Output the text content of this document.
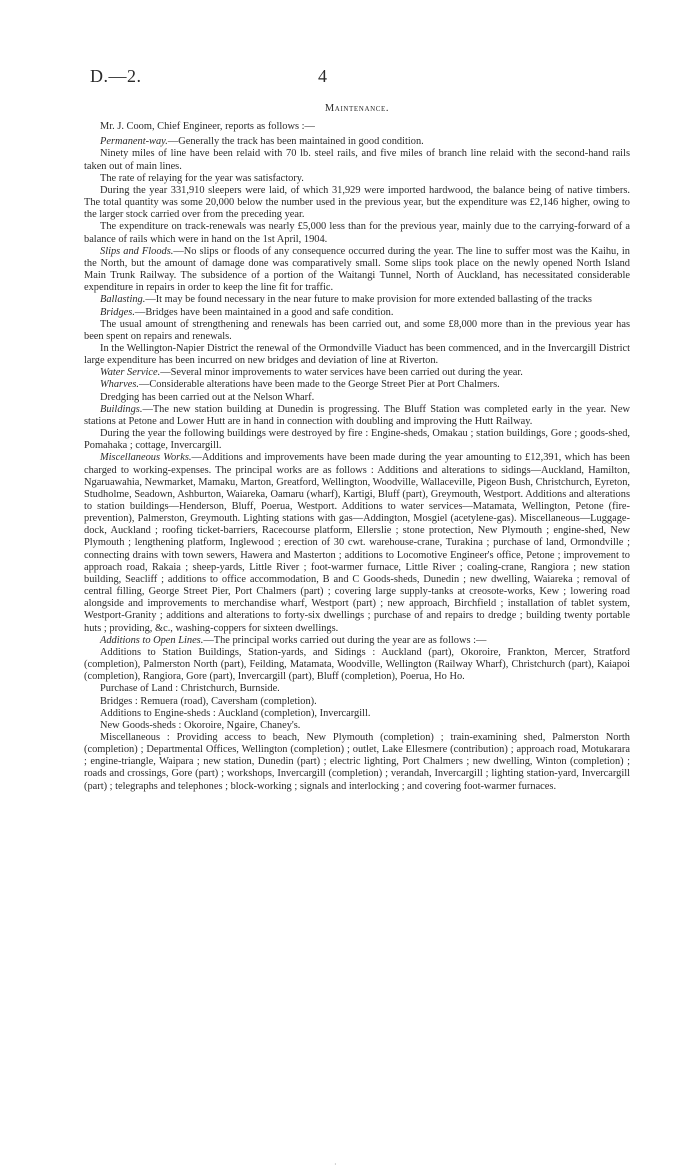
D.—2.	4
Maintenance.

Mr. J. Coom, Chief Engineer, reports as follows :—

Permanent-way.—Generally the track has been maintained in good condition.

Ninety miles of line have been relaid with 70 lb. steel rails, and five miles of branch line relaid with the second-hand rails taken out of main lines.

The rate of relaying for the year was satisfactory.

During the year 331,910 sleepers were laid, of which 31,929 were imported hardwood, the balance being of native timbers. The total quantity was some 20,000 below the number used in the previous year, but the expenditure was £2,146 higher, owing to the larger stock carried over from the preceding year.

The expenditure on track-renewals was nearly £5,000 less than for the previous year, mainly due to the carrying-forward of a balance of rails which were in hand on the 1st April, 1904.

Slips and Floods.—No slips or floods of any consequence occurred during the year. The line to suffer most was the Kaihu, in the North, but the amount of damage done was comparatively small. Some slips took place on the newly opened North Island Main Trunk Railway. The subsidence of a portion of the Waitangi Tunnel, North of Auckland, has necessitated considerable expenditure in repairs in order to keep the line fit for traffic.

Ballasting.—It may be found necessary in the near future to make provision for more extended ballasting of the tracks

Bridges.—Bridges have been maintained in a good and safe condition.

The usual amount of strengthening and renewals has been carried out, and some £8,000 more than in the previous year has been spent on repairs and renewals.

In the Wellington-Napier District the renewal of the Ormondville Viaduct has been commenced, and in the Invercargill District large expenditure has been incurred on new bridges and deviation of line at Riverton.

Water Service.—Several minor improvements to water services have been carried out during the year.

Wharves.—Considerable alterations have been made to the George Street Pier at Port Chalmers.

Dredging has been carried out at the Nelson Wharf.

Buildings.—The new station building at Dunedin is progressing. The Bluff Station was completed early in the year. New stations at Petone and Lower Hutt are in hand in connection with doubling and improving the Hutt Railway.

During the year the following buildings were destroyed by fire : Engine-sheds, Omakau ; station buildings, Gore ; goods-shed, Pomahaka ; cottage, Invercargill.

Miscellaneous Works.—Additions and improvements have been made during the year amounting to £12,391, which has been charged to working-expenses. The principal works are as follows : Additions and alterations to sidings—Auckland, Hamilton, Ngaruawahia, Newmarket, Mamaku, Marton, Greatford, Wellington, Woodville, Wallaceville, Pigeon Bush, Christchurch, Eyreton, Studholme, Seadown, Ashburton, Waiareka, Oamaru (wharf), Kartigi, Bluff (part), Greymouth, Westport. Additions and alterations to station buildings—Henderson, Bluff, Poerua, Westport. Additions to water services—Matamata, Wellington, Petone (fire-prevention), Palmerston, Greymouth. Lighting stations with gas—Addington, Mosgiel (acetylene-gas). Miscellaneous—Luggage-dock, Auckland ; roofing ticket-barriers, Racecourse platform, Ellerslie ; stone protection, New Plymouth ; engine-shed, New Plymouth ; lengthening platform, Inglewood ; erection of 30 cwt. warehouse-crane, Turakina ; purchase of land, Ormondville ; connecting drains with town sewers, Hawera and Masterton ; additions to Locomotive Engineer's office, Petone ; improvement to approach road, Rakaia ; sheep-yards, Little River ; foot-warmer furnace, Little River ; coaling-crane, Rangiora ; new station building, Seacliff ; additions to office accommodation, B and C Goods-sheds, Dunedin ; new dwelling, Waiareka ; removal of central filling, George Street Pier, Port Chalmers (part) ; covering large supply-tanks at creosote-works, Kew ; lowering road alongside and improvements to merchandise wharf, Westport (part) ; new approach, Birchfield ; installation of tablet system, Westport-Granity ; additions and alterations to forty-six dwellings ; purchase of and repairs to dredge ; building twenty portable huts ; providing, &c., washing-coppers for sixteen dwellings.

Additions to Open Lines.—The principal works carried out during the year are as follows :—

Additions to Station Buildings, Station-yards, and Sidings : Auckland (part), Okoroire, Frankton, Mercer, Stratford (completion), Palmerston North (part), Feilding, Matamata, Woodville, Wellington (Railway Wharf), Christchurch (part), Kaiapoi (completion), Rangiora, Gore (part), Invercargill (part), Bluff (completion), Poerua, Ho Ho.

Purchase of Land : Christchurch, Burnside.

Bridges : Remuera (road), Caversham (completion).

Additions to Engine-sheds : Auckland (completion), Invercargill.

New Goods-sheds : Okoroire, Ngaire, Chaney's.

Miscellaneous : Providing access to beach, New Plymouth (completion) ; train-examining shed, Palmerston North (completion) ; Departmental Offices, Wellington (completion) ; outlet, Lake Ellesmere (contribution) ; approach road, Motukarara ; engine-triangle, Waipara ; new station, Dunedin (part) ; electric lighting, Port Chalmers ; new dwelling, Winton (completion) ; roads and crossings, Gore (part) ; workshops, Invercargill (completion) ; verandah, Invercargill ; lighting station-yard, Invercargill (part) ; telegraphs and telephones ; block-working ; signals and interlocking ; and covering foot-warmer furnaces.

·
